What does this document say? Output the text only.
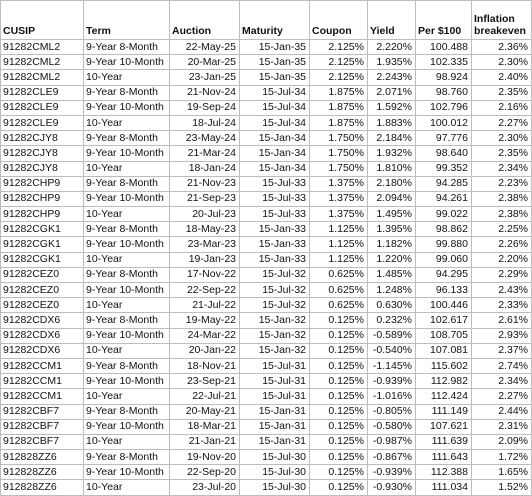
CUSIP	Term	Auction	Maturity	Coupon	Yield	Per $100	Inflation breakeven
91282CML2	9-Year 8-Month	22-May-25	15-Jan-35	2.125%	2.220%	100.488	2.36%
91282CML2	9-Year 10-Month	20-Mar-25	15-Jan-35	2.125%	1.935%	102.335	2.30%
91282CML2	10-Year	23-Jan-25	15-Jan-35	2.125%	2.243%	98.924	2.40%
91282CLE9	9-Year 8-Month	21-Nov-24	15-Jul-34	1.875%	2.071%	98.760	2.35%
91282CLE9	9-Year 10-Month	19-Sep-24	15-Jul-34	1.875%	1.592%	102.796	2.16%
91282CLE9	10-Year	18-Jul-24	15-Jul-34	1.875%	1.883%	100.012	2.27%
91282CJY8	9-Year 8-Month	23-May-24	15-Jan-34	1.750%	2.184%	97.776	2.30%
91282CJY8	9-Year 10-Month	21-Mar-24	15-Jan-34	1.750%	1.932%	98.640	2.35%
91282CJY8	10-Year	18-Jan-24	15-Jan-34	1.750%	1.810%	99.352	2.34%
91282CHP9	9-Year 8-Month	21-Nov-23	15-Jul-33	1.375%	2.180%	94.285	2.23%
91282CHP9	9-Year 10-Month	21-Sep-23	15-Jul-33	1.375%	2.094%	94.261	2.38%
91282CHP9	10-Year	20-Jul-23	15-Jul-33	1.375%	1.495%	99.022	2.38%
91282CGK1	9-Year 8-Month	18-May-23	15-Jan-33	1.125%	1.395%	98.862	2.25%
91282CGK1	9-Year 10-Month	23-Mar-23	15-Jan-33	1.125%	1.182%	99.880	2.26%
91282CGK1	10-Year	19-Jan-23	15-Jan-33	1.125%	1.220%	99.060	2.20%
91282CEZ0	9-Year 8-Month	17-Nov-22	15-Jul-32	0.625%	1.485%	94.295	2.29%
91282CEZ0	9-Year 10-Month	22-Sep-22	15-Jul-32	0.625%	1.248%	96.133	2.43%
91282CEZ0	10-Year	21-Jul-22	15-Jul-32	0.625%	0.630%	100.446	2.33%
91282CDX6	9-Year 8-Month	19-May-22	15-Jan-32	0.125%	0.232%	102.617	2.61%
91282CDX6	9-Year 10-Month	24-Mar-22	15-Jan-32	0.125%	-0.589%	108.705	2.93%
91282CDX6	10-Year	20-Jan-22	15-Jan-32	0.125%	-0.540%	107.081	2.37%
91282CCM1	9-Year 8-Month	18-Nov-21	15-Jul-31	0.125%	-1.145%	115.602	2.74%
91282CCM1	9-Year 10-Month	23-Sep-21	15-Jul-31	0.125%	-0.939%	112.982	2.34%
91282CCM1	10-Year	22-Jul-21	15-Jul-31	0.125%	-1.016%	112.424	2.27%
91282CBF7	9-Year 8-Month	20-May-21	15-Jan-31	0.125%	-0.805%	111.149	2.44%
91282CBF7	9-Year 10-Month	18-Mar-21	15-Jan-31	0.125%	-0.580%	107.621	2.31%
91282CBF7	10-Year	21-Jan-21	15-Jan-31	0.125%	-0.987%	111.639	2.09%
912828ZZ6	9-Year 8-Month	19-Nov-20	15-Jul-30	0.125%	-0.867%	111.643	1.72%
912828ZZ6	9-Year 10-Month	22-Sep-20	15-Jul-30	0.125%	-0.939%	112.388	1.65%
912828ZZ6	10-Year	23-Jul-20	15-Jul-30	0.125%	-0.930%	111.034	1.52%
